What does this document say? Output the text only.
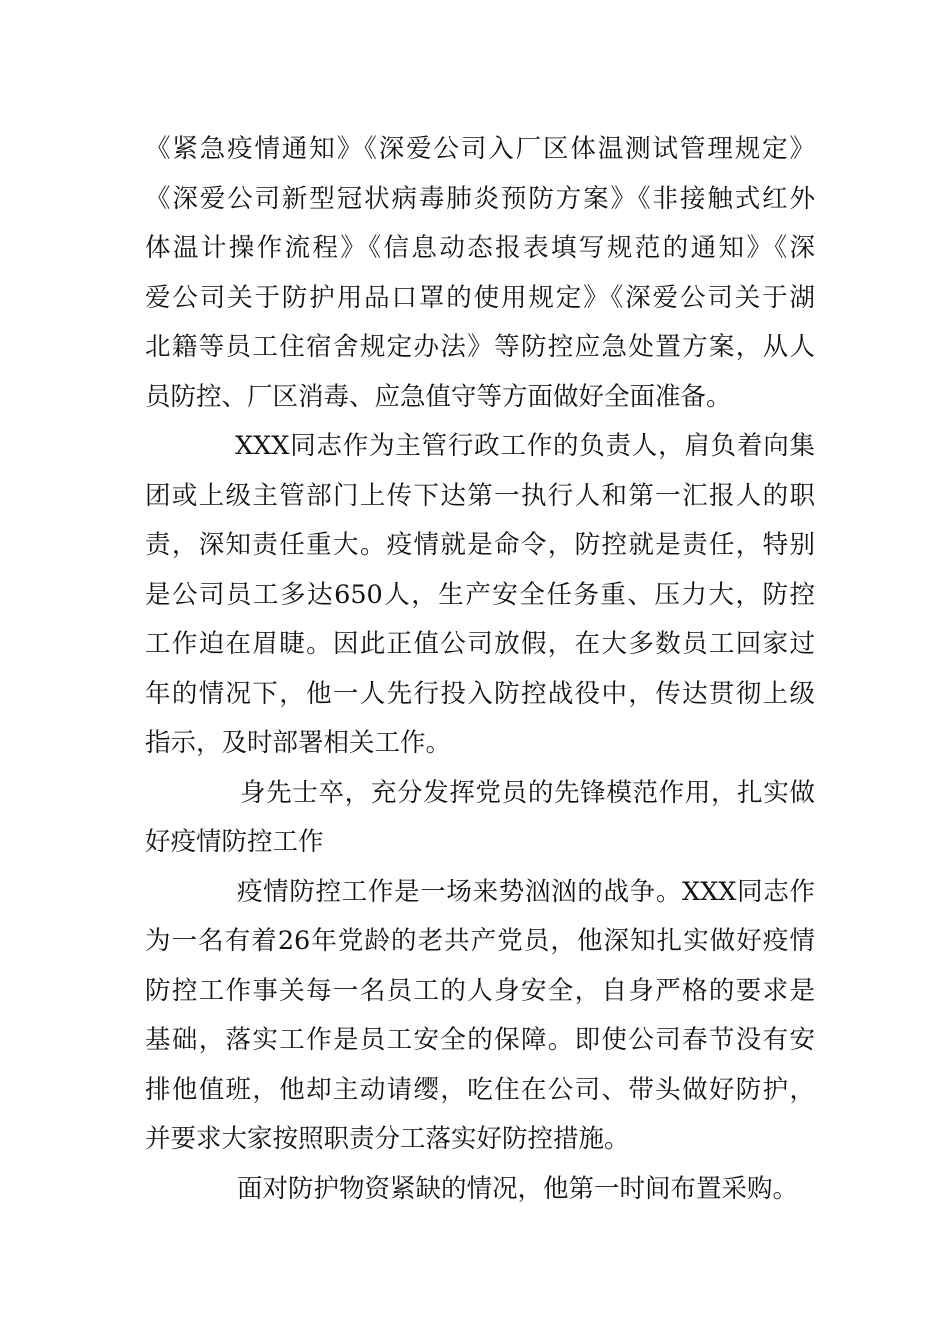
《紧急疫情通知》《深爱公司入厂区体温测试管理规定》
《深爱公司新型冠状病毒肺炎预防方案》《非接触式红外
体温计操作流程》《信息动态报表填写规范的通知》《深
爱公司关于防护用品口罩的使用规定》《深爱公司关于湖
北籍等员工住宿舍规定办法》等防控应急处置方案，从人
员防控、厂区消毒、应急值守等方面做好全面准备。
XXX同志作为主管行政工作的负责人，肩负着向集
团或上级主管部门上传下达第一执行人和第一汇报人的职
责，深知责任重大。疫情就是命令，防控就是责任，特别
是公司员工多达650人，生产安全任务重、压力大，防控
工作迫在眉睫。因此正值公司放假，在大多数员工回家过
年的情况下，他一人先行投入防控战役中，传达贯彻上级
指示，及时部署相关工作。
身先士卒，充分发挥党员的先锋模范作用，扎实做
好疫情防控工作
疫情防控工作是一场来势汹汹的战争。XXX同志作
为一名有着26年党龄的老共产党员，他深知扎实做好疫情
防控工作事关每一名员工的人身安全，自身严格的要求是
基础，落实工作是员工安全的保障。即使公司春节没有安
排他值班，他却主动请缨，吃住在公司、带头做好防护，
并要求大家按照职责分工落实好防控措施。
面对防护物资紧缺的情况，他第一时间布置采购。
